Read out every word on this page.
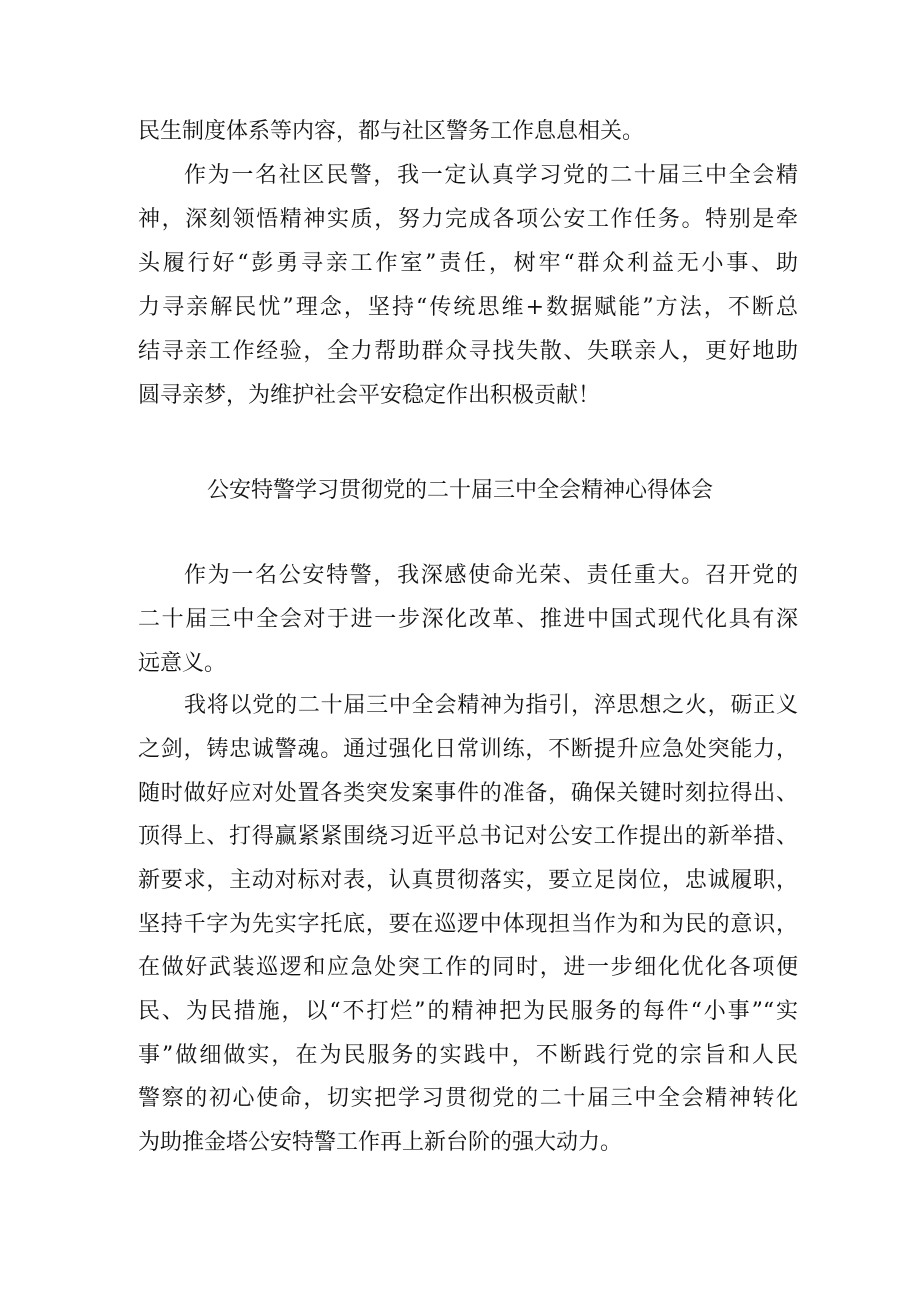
民生制度体系等内容，都与社区警务工作息息相关。
作为一名社区民警，我一定认真学习党的二十届三中全会精
神，深刻领悟精神实质，努力完成各项公安工作任务。特别是牵
头履行好“彭勇寻亲工作室”责任，树牢“群众利益无小事、助
力寻亲解民忧”理念，坚持“传统思维+数据赋能”方法，不断总
结寻亲工作经验，全力帮助群众寻找失散、失联亲人，更好地助
圆寻亲梦，为维护社会平安稳定作出积极贡献！
公安特警学习贯彻党的二十届三中全会精神心得体会
作为一名公安特警，我深感使命光荣、责任重大。召开党的
二十届三中全会对于进一步深化改革、推进中国式现代化具有深
远意义。
我将以党的二十届三中全会精神为指引，淬思想之火，砺正义
之剑，铸忠诚警魂。通过强化日常训练，不断提升应急处突能力，
随时做好应对处置各类突发案事件的准备，确保关键时刻拉得出、
顶得上、打得赢紧紧围绕习近平总书记对公安工作提出的新举措、
新要求，主动对标对表，认真贯彻落实，要立足岗位，忠诚履职，
坚持千字为先实字托底，要在巡逻中体现担当作为和为民的意识，
在做好武装巡逻和应急处突工作的同时，进一步细化优化各项便
民、为民措施，以“不打烂”的精神把为民服务的每件“小事”“实
事”做细做实，在为民服务的实践中，不断践行党的宗旨和人民
警察的初心使命，切实把学习贯彻党的二十届三中全会精神转化
为助推金塔公安特警工作再上新台阶的强大动力。
